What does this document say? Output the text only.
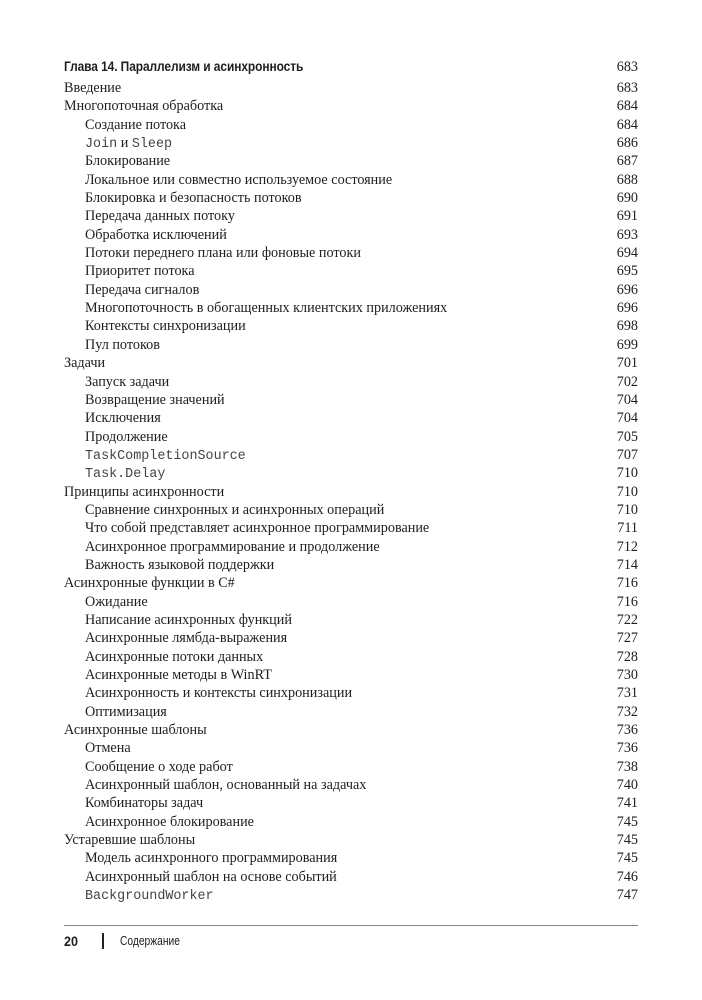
Глава 14. Параллелизм и асинхронность	683
Введение	683
Многопоточная обработка	684
Создание потока	684
Join и Sleep	686
Блокирование	687
Локальное или совместно используемое состояние	688
Блокировка и безопасность потоков	690
Передача данных потоку	691
Обработка исключений	693
Потоки переднего плана или фоновые потоки	694
Приоритет потока	695
Передача сигналов	696
Многопоточность в обогащенных клиентских приложениях	696
Контексты синхронизации	698
Пул потоков	699
Задачи	701
Запуск задачи	702
Возвращение значений	704
Исключения	704
Продолжение	705
TaskCompletionSource	707
Task.Delay	710
Принципы асинхронности	710
Сравнение синхронных и асинхронных операций	710
Что собой представляет асинхронное программирование	711
Асинхронное программирование и продолжение	712
Важность языковой поддержки	714
Асинхронные функции в C#	716
Ожидание	716
Написание асинхронных функций	722
Асинхронные лямбда-выражения	727
Асинхронные потоки данных	728
Асинхронные методы в WinRT	730
Асинхронность и контексты синхронизации	731
Оптимизация	732
Асинхронные шаблоны	736
Отмена	736
Сообщение о ходе работ	738
Асинхронный шаблон, основанный на задачах	740
Комбинаторы задач	741
Асинхронное блокирование	745
Устаревшие шаблоны	745
Модель асинхронного программирования	745
Асинхронный шаблон на основе событий	746
BackgroundWorker	747
20	Содержание
